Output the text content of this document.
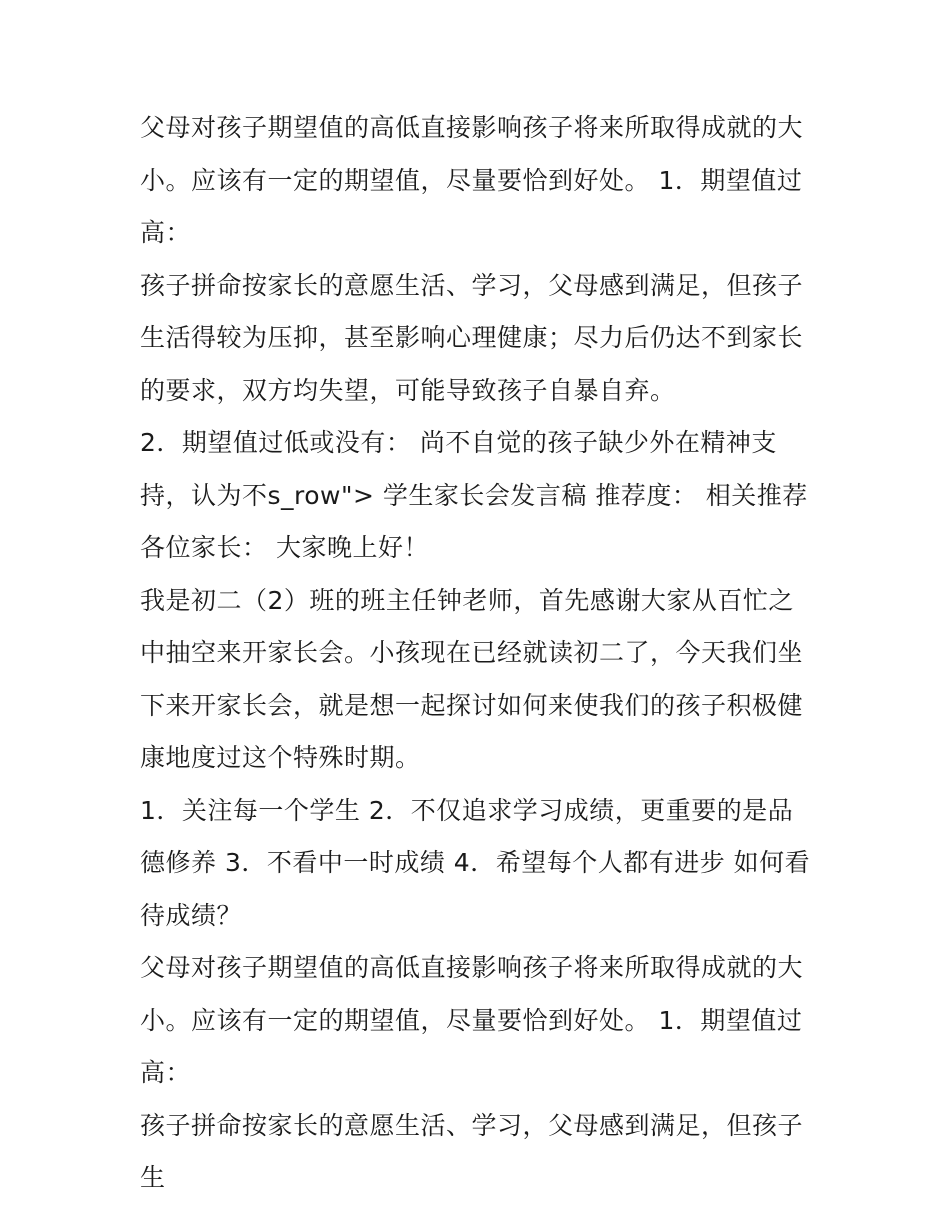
父母对孩子期望值的高低直接影响孩子将来所取得成就的大小。应该有一定的期望值，尽量要恰到好处。 1．期望值过高：

孩子拼命按家长的意愿生活、学习，父母感到满足，但孩子生活得较为压抑，甚至影响心理健康；尽力后仍达不到家长的要求，双方均失望，可能导致孩子自暴自弃。

2．期望值过低或没有： 尚不自觉的孩子缺少外在精神支持，认为不s_row"> 学生家长会发言稿 推荐度： 相关推荐 各位家长： 大家晚上好！

我是初二（2）班的班主任钟老师，首先感谢大家从百忙之中抽空来开家长会。小孩现在已经就读初二了，今天我们坐下来开家长会，就是想一起探讨如何来使我们的孩子积极健康地度过这个特殊时期。

1．关注每一个学生 2．不仅追求学习成绩，更重要的是品德修养 3．不看中一时成绩 4．希望每个人都有进步 如何看待成绩？

父母对孩子期望值的高低直接影响孩子将来所取得成就的大小。应该有一定的期望值，尽量要恰到好处。 1．期望值过高：

孩子拼命按家长的意愿生活、学习，父母感到满足，但孩子生
